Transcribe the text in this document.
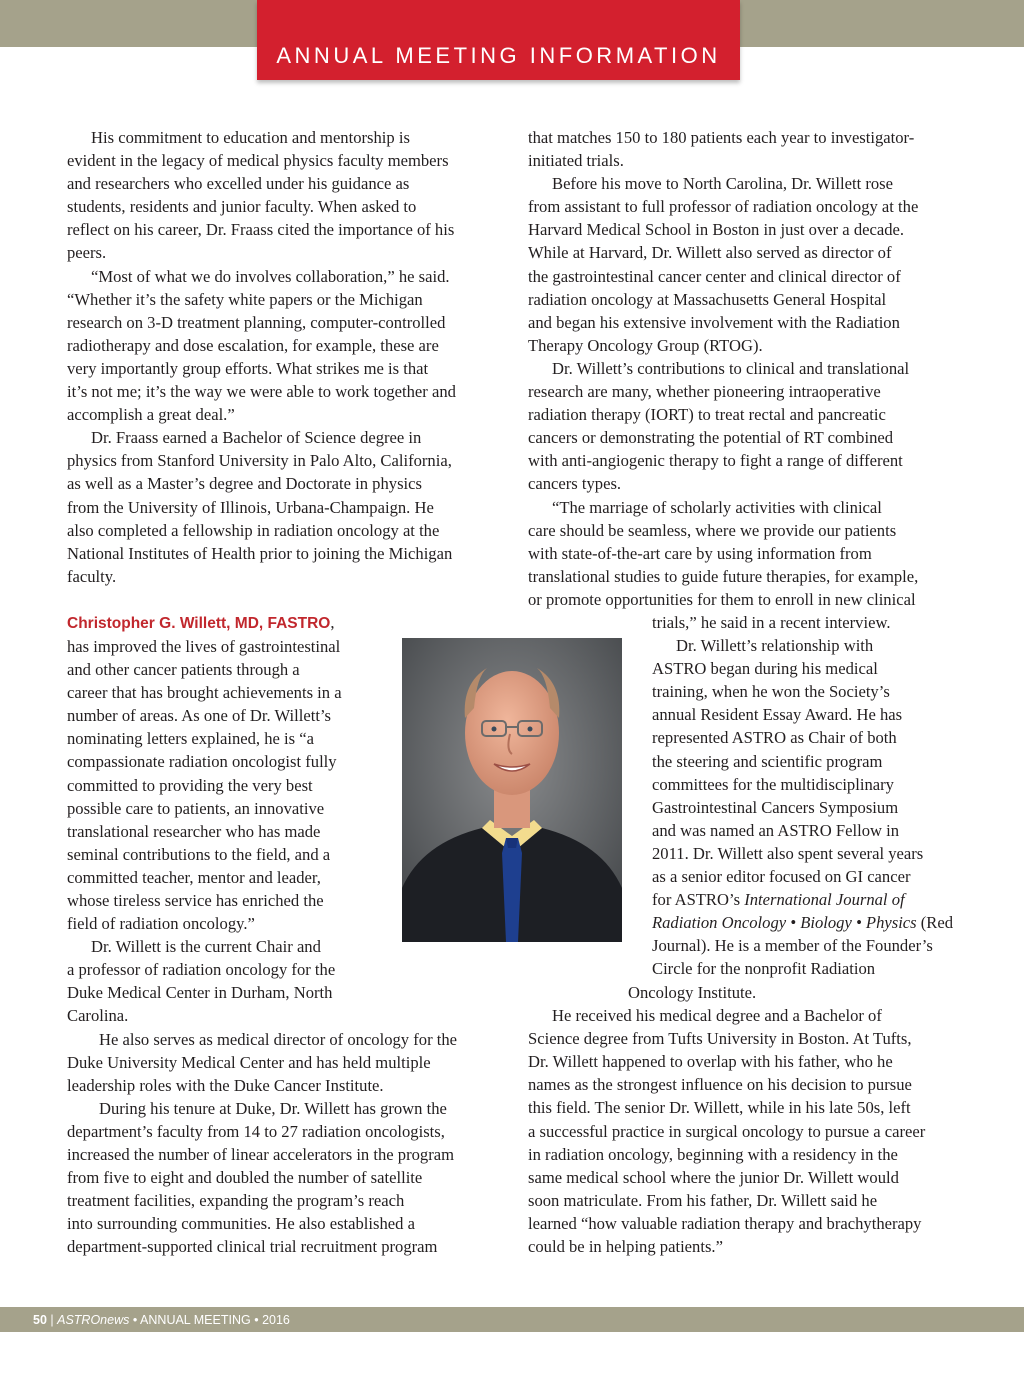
ANNUAL MEETING INFORMATION

His commitment to education and mentorship is

evident in the legacy of medical physics faculty members

and researchers who excelled under his guidance as

students, residents and junior faculty. When asked to

reflect on his career, Dr. Fraass cited the importance of his

peers.

“Most of what we do involves collaboration,” he said.

“Whether it’s the safety white papers or the Michigan

research on 3-D treatment planning, computer-controlled

radiotherapy and dose escalation, for example, these are

very importantly group efforts. What strikes me is that

it’s not me; it’s the way we were able to work together and

accomplish a great deal.”

Dr. Fraass earned a Bachelor of Science degree in

physics from Stanford University in Palo Alto, California,

as well as a Master’s degree and Doctorate in physics

from the University of Illinois, Urbana-Champaign. He

also completed a fellowship in radiation oncology at the

National Institutes of Health prior to joining the Michigan

faculty.

Christopher G. Willett, MD, FASTRO,

has improved the lives of gastrointestinal

and other cancer patients through a

career that has brought achievements in a

number of areas. As one of Dr. Willett’s

nominating letters explained, he is “a

compassionate radiation oncologist fully

committed to providing the very best

possible care to patients, an innovative

translational researcher who has made

seminal contributions to the field, and a

committed teacher, mentor and leader,

whose tireless service has enriched the

field of radiation oncology.”

Dr. Willett is the current Chair and

a professor of radiation oncology for the

Duke Medical Center in Durham, North

Carolina.

He also serves as medical director of oncology for the

Duke University Medical Center and has held multiple

leadership roles with the Duke Cancer Institute.

During his tenure at Duke, Dr. Willett has grown the

department’s faculty from 14 to 27 radiation oncologists,

increased the number of linear accelerators in the program

from five to eight and doubled the number of satellite

treatment facilities, expanding the program’s reach

into surrounding communities. He also established a

department-supported clinical trial recruitment program

that matches 150 to 180 patients each year to investigator-

initiated trials.

Before his move to North Carolina, Dr. Willett rose

from assistant to full professor of radiation oncology at the

Harvard Medical School in Boston in just over a decade.

While at Harvard, Dr. Willett also served as director of

the gastrointestinal cancer center and clinical director of

radiation oncology at Massachusetts General Hospital

and began his extensive involvement with the Radiation

Therapy Oncology Group (RTOG).

Dr. Willett’s contributions to clinical and translational

research are many, whether pioneering intraoperative

radiation therapy (IORT) to treat rectal and pancreatic

cancers or demonstrating the potential of RT combined

with anti-angiogenic therapy to fight a range of different

cancers types.

“The marriage of scholarly activities with clinical

care should be seamless, where we provide our patients

with state-of-the-art care by using information from

translational studies to guide future therapies, for example,

or promote opportunities for them to enroll in new clinical

trials,” he said in a recent interview.

Dr. Willett’s relationship with

ASTRO began during his medical

training, when he won the Society’s

annual Resident Essay Award. He has

represented ASTRO as Chair of both

the steering and scientific program

committees for the multidisciplinary

Gastrointestinal Cancers Symposium

and was named an ASTRO Fellow in

2011. Dr. Willett also spent several years

as a senior editor focused on GI cancer

for ASTRO’s International Journal of

Radiation Oncology • Biology • Physics (Red

Journal). He is a member of the Founder’s

Circle for the nonprofit Radiation

Oncology Institute.

He received his medical degree and a Bachelor of

Science degree from Tufts University in Boston. At Tufts,

Dr. Willett happened to overlap with his father, who he

names as the strongest influence on his decision to pursue

this field. The senior Dr. Willett, while in his late 50s, left

a successful practice in surgical oncology to pursue a career

in radiation oncology, beginning with a residency in the

same medical school where the junior Dr. Willett would

soon matriculate. From his father, Dr. Willett said he

learned “how valuable radiation therapy and brachytherapy

could be in helping patients.”

50 | ASTROnews • ANNUAL MEETING • 2016
